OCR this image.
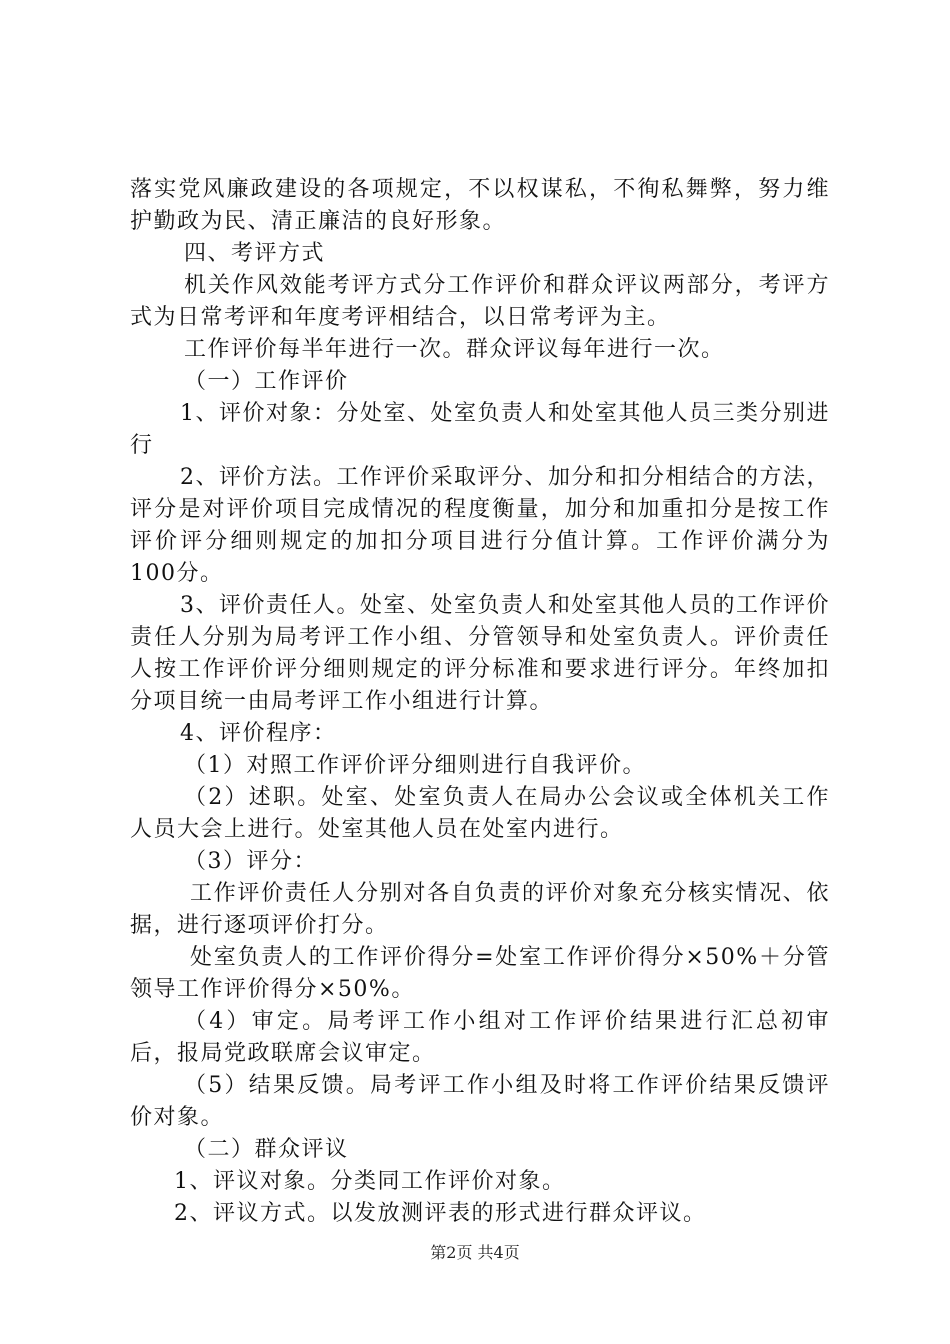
落实党风廉政建设的各项规定，不以权谋私，不徇私舞弊，努力维护勤政为民、清正廉洁的良好形象。

四、考评方式

机关作风效能考评方式分工作评价和群众评议两部分，考评方式为日常考评和年度考评相结合，以日常考评为主。

工作评价每半年进行一次。群众评议每年进行一次。

（一）工作评价

1、评价对象：分处室、处室负责人和处室其他人员三类分别进行

2、评价方法。工作评价采取评分、加分和扣分相结合的方法，评分是对评价项目完成情况的程度衡量，加分和加重扣分是按工作评价评分细则规定的加扣分项目进行分值计算。工作评价满分为100分。

3、评价责任人。处室、处室负责人和处室其他人员的工作评价责任人分别为局考评工作小组、分管领导和处室负责人。评价责任人按工作评价评分细则规定的评分标准和要求进行评分。年终加扣分项目统一由局考评工作小组进行计算。

4、评价程序：

（1）对照工作评价评分细则进行自我评价。

（2）述职。处室、处室负责人在局办公会议或全体机关工作人员大会上进行。处室其他人员在处室内进行。

（3）评分：

工作评价责任人分别对各自负责的评价对象充分核实情况、依据，进行逐项评价打分。

处室负责人的工作评价得分=处室工作评价得分×50%＋分管领导工作评价得分×50%。

（4）审定。局考评工作小组对工作评价结果进行汇总初审后，报局党政联席会议审定。

（5）结果反馈。局考评工作小组及时将工作评价结果反馈评价对象。

（二）群众评议

1、评议对象。分类同工作评价对象。

2、评议方式。以发放测评表的形式进行群众评议。

第2页 共4页
